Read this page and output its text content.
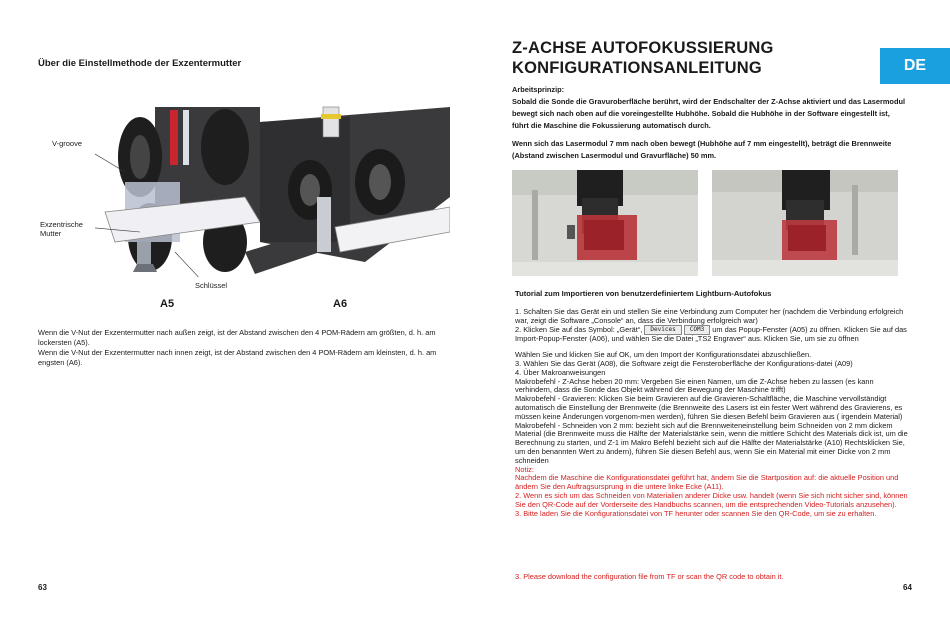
Über die Einstellmethode der Exzentermutter
V-groove
Exzentrische Mutter
Schlüssel
A5	A6

Wenn die V-Nut der Exzentermutter nach außen zeigt, ist der Abstand zwischen den 4 POM-Rädern am größten, d. h. am lockersten (A5).

Wenn die V-Nut der Exzentermutter nach innen zeigt, ist der Abstand zwischen den 4 POM-Rädern am kleinsten, d. h. am engsten (A6).

63
Z-ACHSE AUTOFOKUSSIERUNG
KONFIGURATIONSANLEITUNG	DE

Arbeitsprinzip:
Sobald die Sonde die Gravuroberfläche berührt, wird der Endschalter der Z-Achse aktiviert und das Lasermodul bewegt sich nach oben auf die voreingestellte Hubhöhe. Sobald die Hubhöhe in der Software eingestellt ist, führt die Maschine die Fokussierung automatisch durch.

Wenn sich das Lasermodul 7 mm nach oben bewegt (Hubhöhe auf 7 mm eingestellt), beträgt die Brennweite (Abstand zwischen Lasermodul und Gravurfläche) 50 mm.

Tutorial zum Importieren von benutzerdefiniertem Lightburn-Autofokus

1. Schalten Sie das Gerät ein und stellen Sie eine Verbindung zum Computer her (nachdem die Verbindung erfolgreich war, zeigt die Software „Console“ an, dass die Verbindung erfolgreich war)

2. Klicken Sie auf das Symbol: „Gerät“, Devices COM3 um das Popup-Fenster (A05) zu öffnen. Klicken Sie auf das Import-Popup-Fenster (A06), und wählen Sie die Datei „TS2 Engraver“ aus. Klicken Sie, um sie zu öffnen

Wählen Sie und klicken Sie auf OK, um den Import der Konfigurationsdatei abzuschließen.

3. Wählen Sie das Gerät (A08), die Software zeigt die Fensteroberfläche der Konfigurations-datei (A09)

4. Über Makroanweisungen

Makrobefehl - Z-Achse heben 20 mm: Vergeben Sie einen Namen, um die Z-Achse heben zu lassen (es kann verhindern, dass die Sonde das Objekt während der Bewegung der Maschine trifft)

Makrobefehl - Gravieren: Klicken Sie beim Gravieren auf die Gravieren-Schaltfläche, die Maschine vervollständigt automatisch die Einstellung der Brennweite (die Brennweite des Lasers ist ein fester Wert während des Gravierens, es müssen keine Änderungen vorgenom-men werden), führen Sie diesen Befehl beim Gravieren aus ( irgendein Material)

Makrobefehl - Schneiden von 2 mm: bezieht sich auf die Brennweiteneinstellung beim Schneiden von 2 mm dickem Material (die Brennweite muss die Hälfte der Materialstärke sein, wenn die mittlere Schicht des Materials dick ist, um die Berechnung zu starten, und Z-1 im Makro Befehl bezieht sich auf die Hälfte der Materialstärke (A10) Rechtsklicken Sie, um den benannten Wert zu ändern), führen Sie diesen Befehl aus, wenn Sie ein Material mit einer Dicke von 2 mm schneiden

Notiz:

Nachdem die Maschine die Konfigurationsdatei geführt hat, ändern Sie die Startposition auf: die aktuelle Position und ändern Sie den Auftragsursprung in die untere linke Ecke (A11).

2. Wenn es sich um das Schneiden von Materialien anderer Dicke usw. handelt (wenn Sie sich nicht sicher sind, können Sie den QR-Code auf der Vorderseite des Handbuchs scannen, um die entsprechenden Video-Tutorials anzusehen).

3. Bitte laden Sie die Konfigurationsdatei von TF herunter oder scannen Sie den QR-Code, um sie zu erhalten.

3. Please download the configuration file from TF or scan the QR code to obtain it.
64
